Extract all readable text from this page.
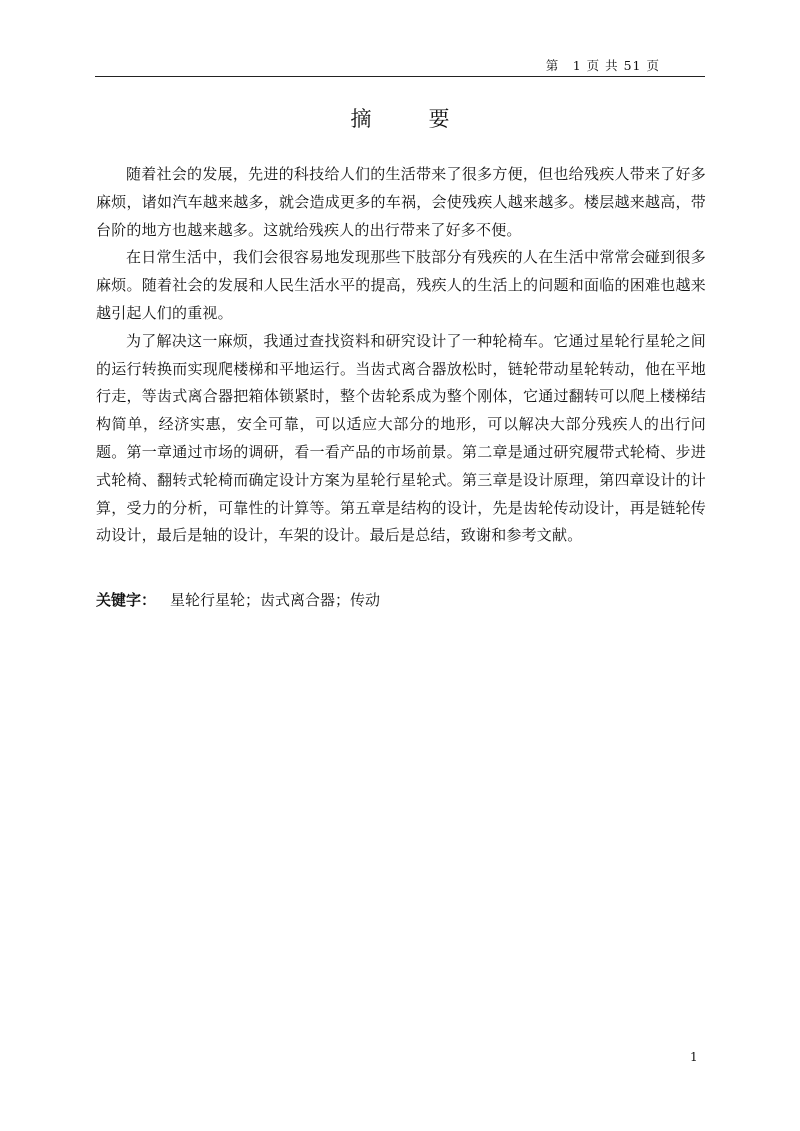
第　1 页 共 51 页
摘　要

随着社会的发展，先进的科技给人们的生活带来了很多方便，但也给残疾人带来了好多麻烦，诸如汽车越来越多，就会造成更多的车祸，会使残疾人越来越多。楼层越来越高，带台阶的地方也越来越多。这就给残疾人的出行带来了好多不便。

在日常生活中，我们会很容易地发现那些下肢部分有残疾的人在生活中常常会碰到很多麻烦。随着社会的发展和人民生活水平的提高，残疾人的生活上的问题和面临的困难也越来越引起人们的重视。

为了解决这一麻烦，我通过查找资料和研究设计了一种轮椅车。它通过星轮行星轮之间的运行转换而实现爬楼梯和平地运行。当齿式离合器放松时，链轮带动星轮转动，他在平地行走，等齿式离合器把箱体锁紧时，整个齿轮系成为整个刚体，它通过翻转可以爬上楼梯结构简单，经济实惠，安全可靠，可以适应大部分的地形，可以解决大部分残疾人的出行问题。第一章通过市场的调研，看一看产品的市场前景。第二章是通过研究履带式轮椅、步进式轮椅、翻转式轮椅而确定设计方案为星轮行星轮式。第三章是设计原理，第四章设计的计算，受力的分析，可靠性的计算等。第五章是结构的设计，先是齿轮传动设计，再是链轮传动设计，最后是轴的设计，车架的设计。最后是总结，致谢和参考文献。

关键字： 星轮行星轮；齿式离合器；传动
1
